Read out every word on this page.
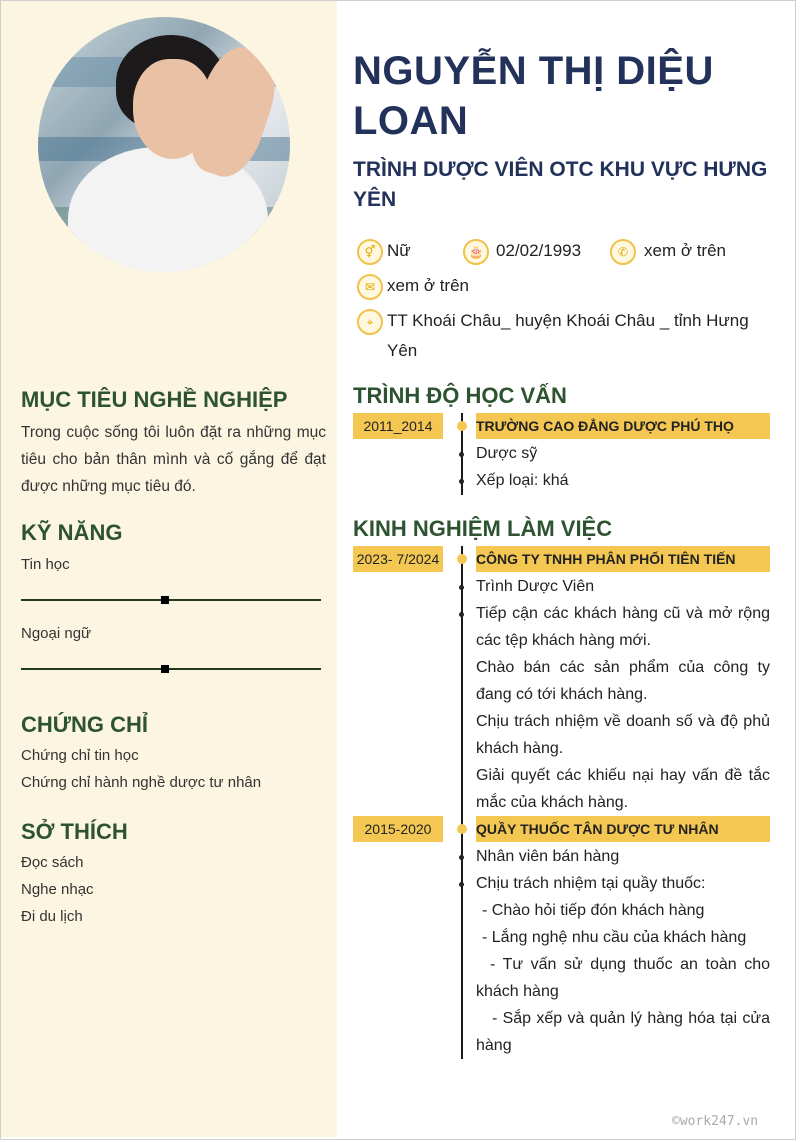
NGUYỄN THỊ DIỆU LOAN
TRÌNH DƯỢC VIÊN OTC KHU VỰC HƯNG YÊN
⚥ Nữ	🎂 02/02/1993	✆ xem ở trên
✉ xem ở trên
⌖ TT Khoái Châu_ huyện Khoái Châu _ tỉnh Hưng Yên
MỤC TIÊU NGHỀ NGHIỆP
Trong cuộc sống tôi luôn đặt ra những mục tiêu cho bản thân mình và cố gắng để đạt được những mục tiêu đó.
KỸ NĂNG
Tin học
Ngoại ngữ
CHỨNG CHỈ
Chứng chỉ tin học
Chứng chỉ hành nghề dược tư nhân
SỞ THÍCH
Đọc sách
Nghe nhạc
Đi du lịch
TRÌNH ĐỘ HỌC VẤN
2011_2014	TRƯỜNG CAO ĐẲNG DƯỢC PHÚ THỌ
Dược sỹ
Xếp loại: khá
KINH NGHIỆM LÀM VIỆC
2023- 7/2024	CÔNG TY TNHH PHÂN PHỐI TIÊN TIẾN
Trình Dược Viên
Tiếp cận các khách hàng cũ và mở rộng các tệp khách hàng mới.
Chào bán các sản phẩm của công ty đang có tới khách hàng.
Chịu trách nhiệm về doanh số và độ phủ khách hàng.
Giải quyết các khiếu nại hay vấn đề tắc mắc của khách hàng.
2015-2020	QUẦY THUỐC TÂN DƯỢC TƯ NHÂN
Nhân viên bán hàng
Chịu trách nhiệm tại quầy thuốc:
- Chào hỏi tiếp đón khách hàng
- Lắng nghệ nhu cầu của khách hàng
- Tư vấn sử dụng thuốc an toàn cho khách hàng
- Sắp xếp và quản lý hàng hóa tại cửa hàng
©work247.vn
